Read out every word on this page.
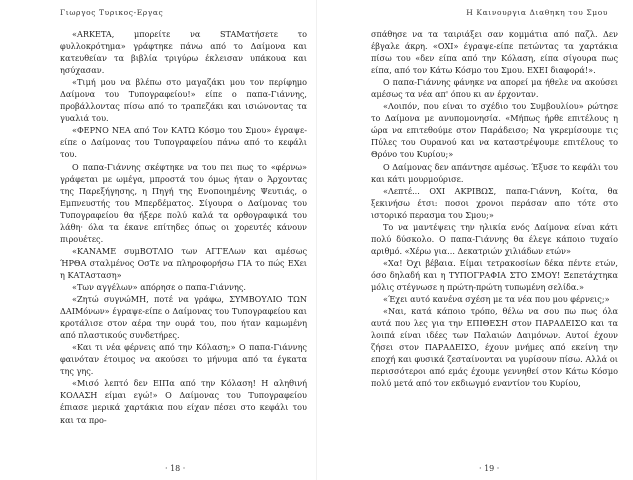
Γιωργος Τυρικος-Εργας

«ARKETA, μπορείτε να STAMατήσετε το φυλλοκρότημα» γράφτηκε πάνω από το Δαίμονα και κατευθείαν τα βιβλία τριγύρω έκλεισαν υπάκουα και ησύχασαν.

«Τιμή μου να βλέπω στο μαγαζάκι μου τον περίφημο Δαίμονα του Τυπογραφείου!» είπε ο παπα-Γιάννης, προβάλλοντας πίσω από το τραπεζάκι και ισιώνοντας τα γυαλιά του.

«ΦΕΡΝΟ ΝΕΑ από Τον ΚΑΤΩ Κόσμο του Σμου» έγραψε-είπε ο Δαίμονας του Τυπογραφείου πάνω από το κεφάλι του.

Ο παπα-Γιάννης σκέφτηκε να του πει πως το «φέρνω» γράφεται με ωμέγα, μπροστά του όμως ήταν ο Άρχοντας της Παρεξήγησης, η Πηγή της Ενοποιημένης Ψευτιάς, ο Εμπνευστής του Μπερδέματος. Σίγουρα ο Δαίμονας του Τυπογραφείου θα ήξερε πολύ καλά τα ορθογραφικά του λάθη· όλα τα έκανε επίτηδες όπως οι χορευτές κάνουν πιρουέτες.

«ΚΑΝΑΜΕ συμΒΟΤΛΙΟ των ΑΓΓΕΛων και αμέσως ΉΡΘΑ σταλμένος ΟσΤε να πληροφορήσω ΓΙΑ το πώς ΕΧει η ΚΑΤΑσταση»

«Των αγγέλων» απόρησε ο παπα-Γιάννης.

«Ζητώ συγνώΜΗ, ποτέ να γράφω, ΣΥΜΒΟΥΛΙΟ ΤΩΝ ΔΑΙΜόνων» έγραψε-είπε ο Δαίμονας του Τυπογραφείου και κροτάλισε στον αέρα την ουρά του, που ήταν καμωμένη από πλαστικούς συνδετήρες.

«Και τι νέα φέρνεις από την Κόλαση;» Ο παπα-Γιάννης φαινόταν έτοιμος να ακούσει το μήνυμα από τα έγκατα της γης.

«Μισό λεπτό δεν ΕΙΠα από την Κόλαση! Η αληθινή ΚΟΛΑΣΗ είμαι εγώ!» Ο Δαίμονας του Τυπογραφείου έπιασε μερικά χαρτάκια που είχαν πέσει στο κεφάλι του και τα προ-

· 18 ·
Η Καινουργια Διαθηκη του Σμου

σπάθησε να τα ταιριάξει σαν κομμάτια από παζλ. Δεν έβγαλε άκρη. «ΟΧΙ» έγραψε-είπε πετώντας τα χαρτάκια πίσω του «δεν είπα από την Κόλαση, είπα σίγουρα πως είπα, από τον Κάτω Κόσμο του Σμου. ΕΧΕΙ διαφορά!».

Ο παπα-Γιάννης φάνηκε να απορεί μα ήθελε να ακούσει αμέσως τα νέα απ' όπου κι αν έρχονταν.

«Λοιπόν, που είναι το σχέδιο του Συμβουλίου» ρώτησε το Δαίμονα με ανυπομονησία. «Μήπως ήρθε επιτέλους η ώρα να επιτεθούμε στον Παράδεισο; Να γκρεμίσουμε τις Πύλες του Ουρανού και να καταστρέψουμε επιτέλους το Θρόνο του Κυρίου;»

Ο Δαίμονας δεν απάντησε αμέσως. Έξυσε το κεφάλι του και κάτι μουρμούρισε.

«Λεπτέ... ΟΧΙ ΑΚΡΙΒΩΣ, παπα-Γιάννη, Κοίτα, θα ξεκινήσω έτσι: ποσοι χρονοι περάσαν απο τότε στο ιστορικό περασμα του Σμου;»

Το να μαντέψεις την ηλικία ενός Δαίμονα είναι κάτι πολύ δύσκολο. Ο παπα-Γιάννης θα έλεγε κάποιο τυχαίο αριθμό. «Χέρω για... Δεκατριών χιλιάδων ετών»

«Χα! Όχι βέβαια. Είμαι τετρακοσίων δέκα πέντε ετών, όσο δηλαδή και η ΤΥΠΟΓΡΑΦΙΑ ΣΤΟ ΣΜΟΥ! Ξεπετάχτηκα μόλις στέγνωσε η πρώτη-πρώτη τυπωμένη σελίδα.»

«Έχει αυτό κανένα σχέση με τα νέα που μου φέρνεις;»

«Ναι, κατά κάποιο τρόπο, θέλω να σου πω πως όλα αυτά που λες για την ΕΠΙΘΕΣΗ στον ΠΑΡΑΔΕΙΣΟ και τα λοιπά είναι ιδέες των Παλαιών Δαιμόνων. Αυτοί έχουν ζήσει στον ΠΑΡΑΔΕΙΣΟ, έχουν μνήμες από εκείνη την εποχή και φυσικά ζεσταίνονται να γυρίσουν πίσω. Αλλά οι περισσότεροι από εμάς έχουμε γεννηθεί στον Κάτω Κόσμο πολύ μετά από τον εκδιωγμό εναντίον του Κυρίου,

· 19 ·
